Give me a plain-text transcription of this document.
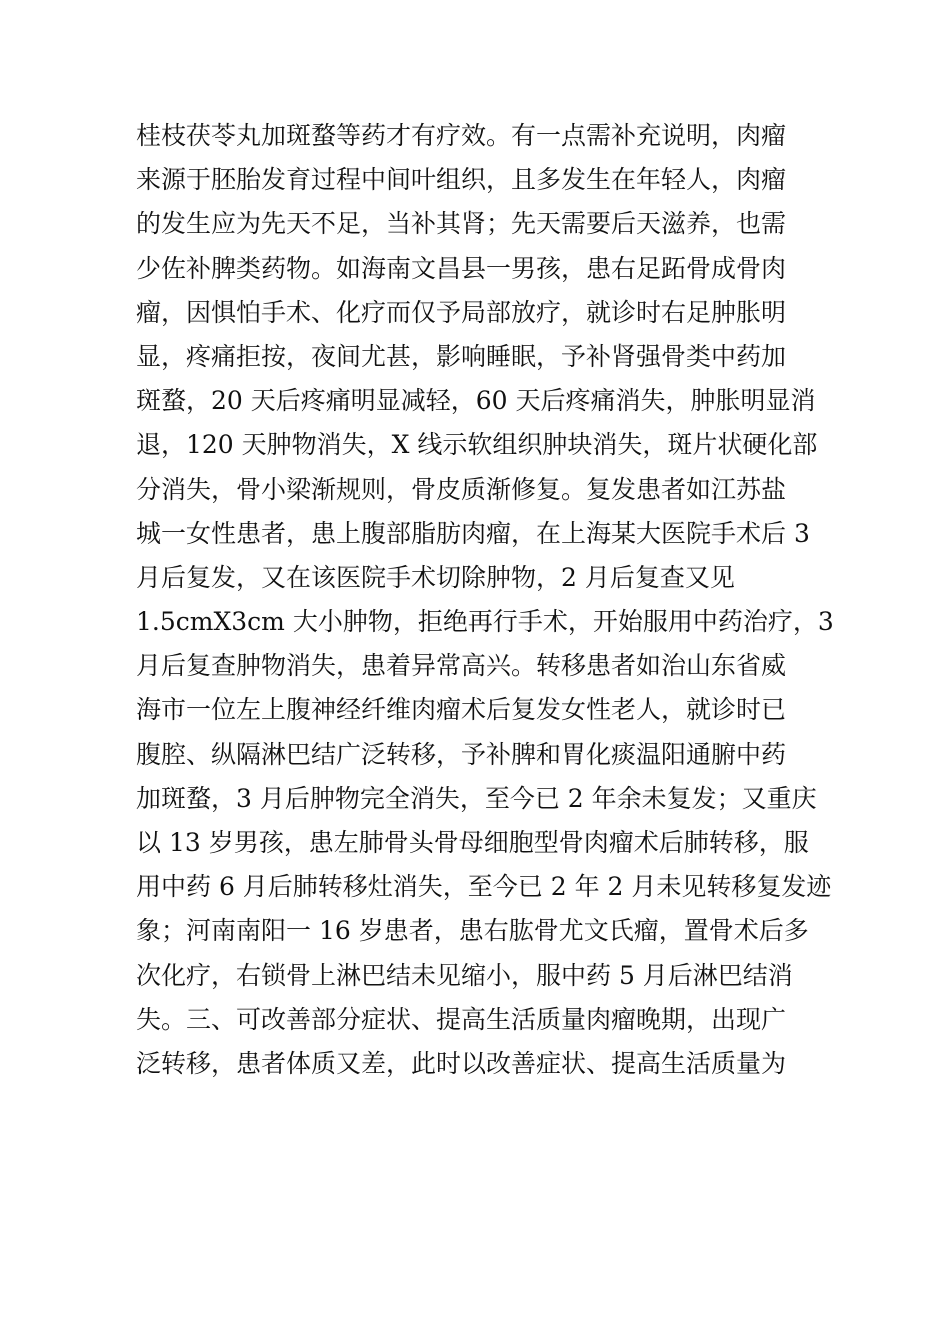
桂枝茯苓丸加斑蝥等药才有疗效。有一点需补充说明，肉瘤
来源于胚胎发育过程中间叶组织，且多发生在年轻人，肉瘤
的发生应为先天不足，当补其肾；先天需要后天滋养，也需
少佐补脾类药物。如海南文昌县一男孩，患右足跖骨成骨肉
瘤，因惧怕手术、化疗而仅予局部放疗，就诊时右足肿胀明
显，疼痛拒按，夜间尤甚，影响睡眠，予补肾强骨类中药加
斑蝥，20 天后疼痛明显减轻，60 天后疼痛消失，肿胀明显消
退，120 天肿物消失，X 线示软组织肿块消失，斑片状硬化部
分消失，骨小梁渐规则，骨皮质渐修复。复发患者如江苏盐
城一女性患者，患上腹部脂肪肉瘤，在上海某大医院手术后 3
月后复发，又在该医院手术切除肿物，2 月后复查又见
1.5cmX3cm 大小肿物，拒绝再行手术，开始服用中药治疗，3
月后复查肿物消失，患着异常高兴。转移患者如治山东省威
海市一位左上腹神经纤维肉瘤术后复发女性老人，就诊时已
腹腔、纵隔淋巴结广泛转移，予补脾和胃化痰温阳通腑中药
加斑蝥，3 月后肿物完全消失，至今已 2 年余未复发；又重庆
以 13 岁男孩，患左肺骨头骨母细胞型骨肉瘤术后肺转移，服
用中药 6 月后肺转移灶消失，至今已 2 年 2 月未见转移复发迹
象；河南南阳一 16 岁患者，患右肱骨尤文氏瘤，置骨术后多
次化疗，右锁骨上淋巴结未见缩小，服中药 5 月后淋巴结消
失。三、可改善部分症状、提高生活质量肉瘤晚期，出现广
泛转移，患者体质又差，此时以改善症状、提高生活质量为
